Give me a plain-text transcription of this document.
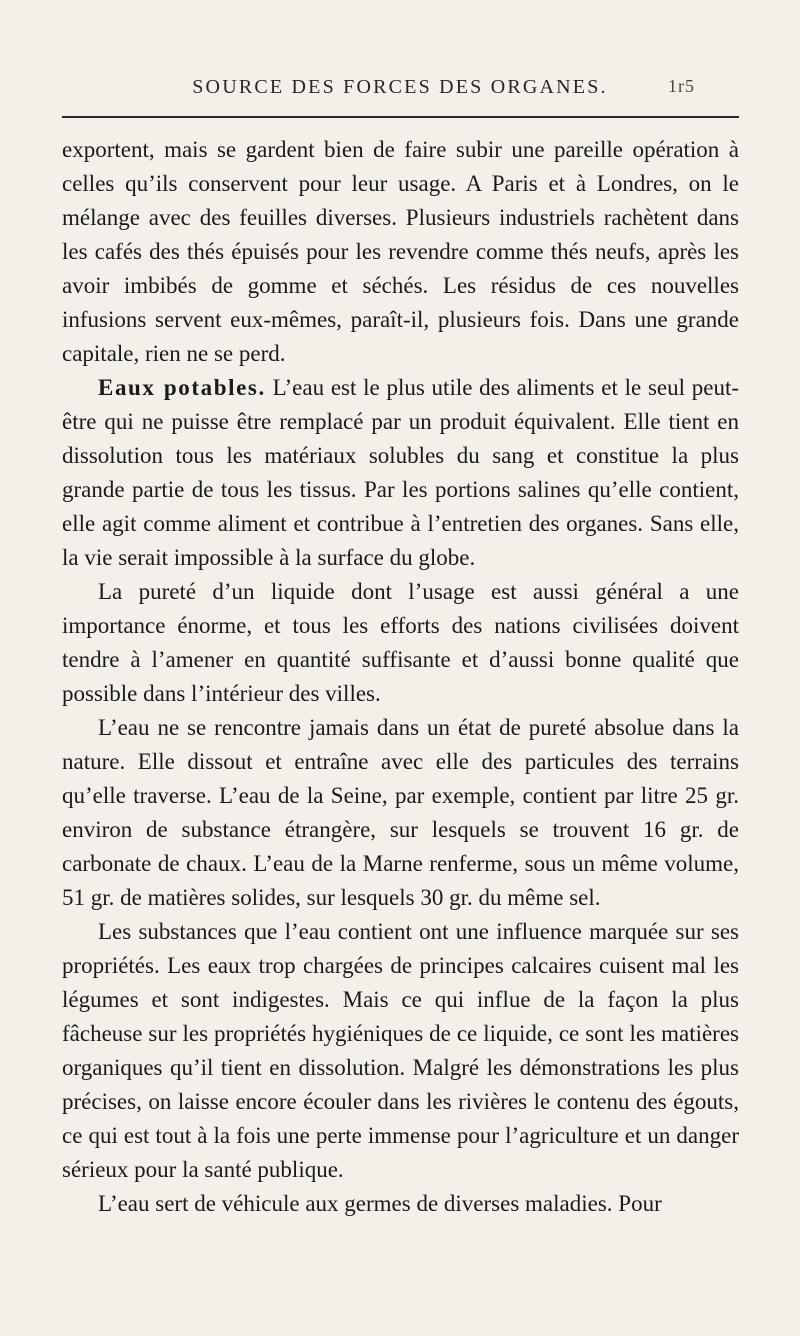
SOURCE DES FORCES DES ORGANES.	1r5

exportent, mais se gardent bien de faire subir une pareille opération à celles qu’ils conservent pour leur usage. A Paris et à Londres, on le mélange avec des feuilles diverses. Plusieurs industriels rachètent dans les cafés des thés épuisés pour les revendre comme thés neufs, après les avoir imbibés de gomme et séchés. Les résidus de ces nouvelles infusions servent eux-mêmes, paraît-il, plusieurs fois. Dans une grande capitale, rien ne se perd.

Eaux potables. L’eau est le plus utile des aliments et le seul peut-être qui ne puisse être remplacé par un produit équivalent. Elle tient en dissolution tous les matériaux solubles du sang et constitue la plus grande partie de tous les tissus. Par les portions salines qu’elle contient, elle agit comme aliment et contribue à l’entretien des organes. Sans elle, la vie serait impossible à la surface du globe.

La pureté d’un liquide dont l’usage est aussi général a une importance énorme, et tous les efforts des nations civilisées doivent tendre à l’amener en quantité suffisante et d’aussi bonne qualité que possible dans l’intérieur des villes.

L’eau ne se rencontre jamais dans un état de pureté absolue dans la nature. Elle dissout et entraîne avec elle des particules des terrains qu’elle traverse. L’eau de la Seine, par exemple, contient par litre 25 gr. environ de substance étrangère, sur lesquels se trouvent 16 gr. de carbonate de chaux. L’eau de la Marne renferme, sous un même volume, 51 gr. de matières solides, sur lesquels 30 gr. du même sel.

Les substances que l’eau contient ont une influence marquée sur ses propriétés. Les eaux trop chargées de principes calcaires cuisent mal les légumes et sont indigestes. Mais ce qui influe de la façon la plus fâcheuse sur les propriétés hygiéniques de ce liquide, ce sont les matières organiques qu’il tient en dissolution. Malgré les démonstrations les plus précises, on laisse encore écouler dans les rivières le contenu des égouts, ce qui est tout à la fois une perte immense pour l’agriculture et un danger sérieux pour la santé publique.

L’eau sert de véhicule aux germes de diverses maladies. Pour
